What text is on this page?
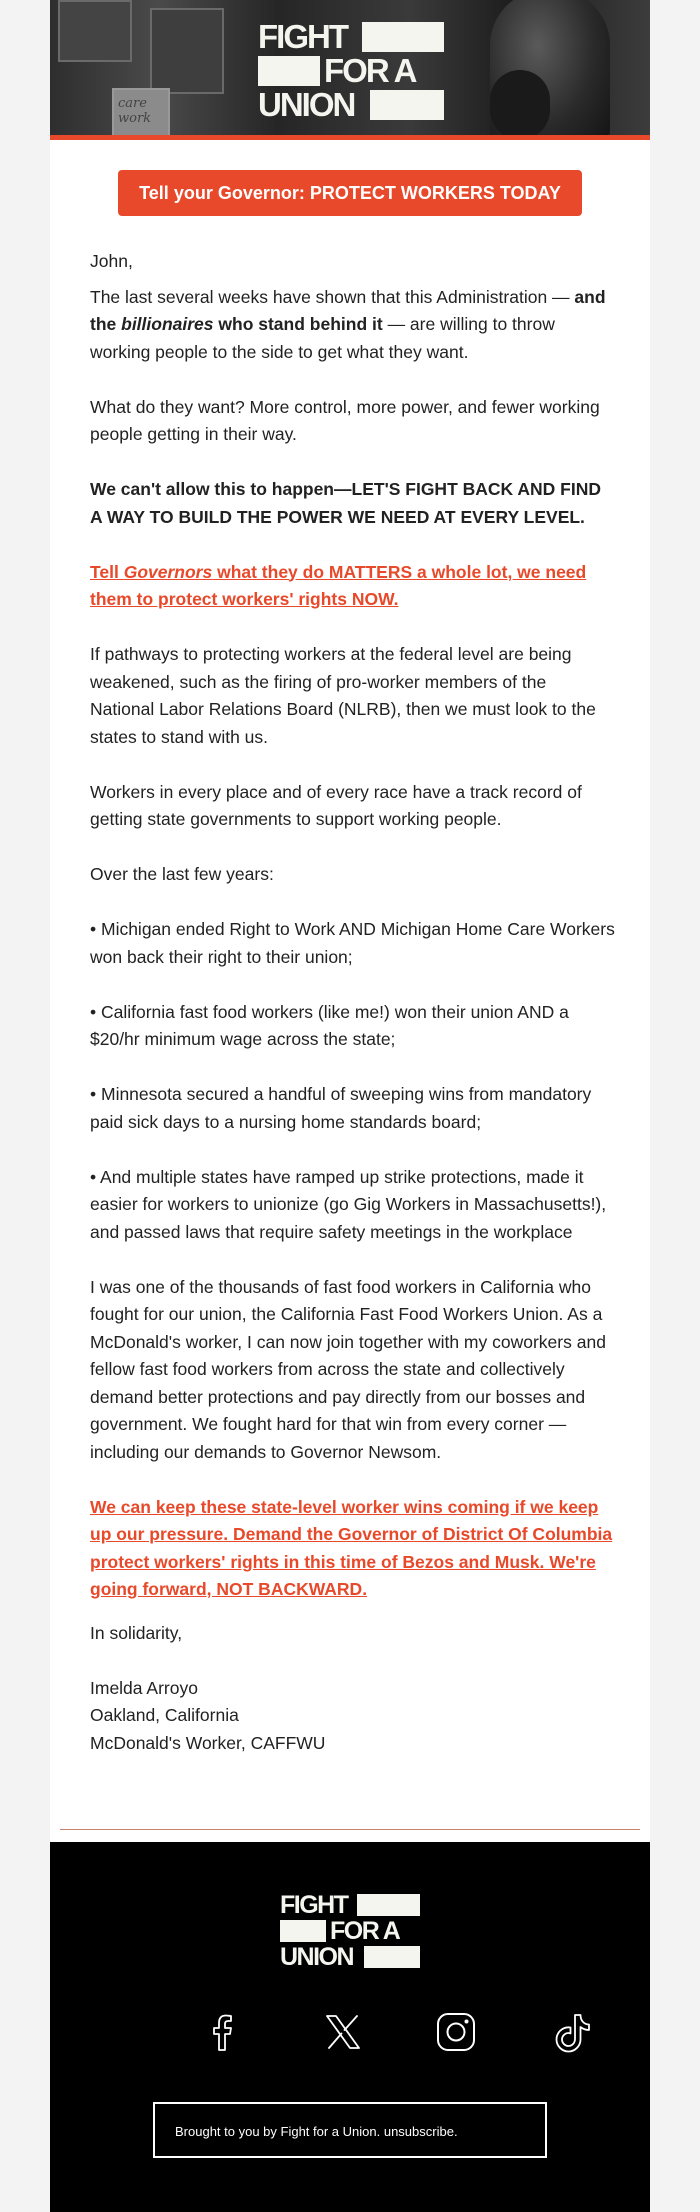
care work
FIGHT
FOR A
UNION
Tell your Governor: PROTECT WORKERS TODAY

John,

The last several weeks have shown that this Administration — and the billionaires who stand behind it — are willing to throw working people to the side to get what they want.

What do they want? More control, more power, and fewer working people getting in their way.

We can't allow this to happen—LET'S FIGHT BACK AND FIND A WAY TO BUILD THE POWER WE NEED AT EVERY LEVEL.

Tell Governors what they do MATTERS a whole lot, we need them to protect workers' rights NOW.

If pathways to protecting workers at the federal level are being weakened, such as the firing of pro-worker members of the National Labor Relations Board (NLRB), then we must look to the states to stand with us.

Workers in every place and of every race have a track record of getting state governments to support working people.

Over the last few years:

• Michigan ended Right to Work AND Michigan Home Care Workers won back their right to their union;

• California fast food workers (like me!) won their union AND a $20/hr minimum wage across the state;

• Minnesota secured a handful of sweeping wins from mandatory paid sick days to a nursing home standards board;

• And multiple states have ramped up strike protections, made it easier for workers to unionize (go Gig Workers in Massachusetts!), and passed laws that require safety meetings in the workplace

I was one of the thousands of fast food workers in California who fought for our union, the California Fast Food Workers Union. As a McDonald's worker, I can now join together with my coworkers and fellow fast food workers from across the state and collectively demand better protections and pay directly from our bosses and government. We fought hard for that win from every corner — including our demands to Governor Newsom.

We can keep these state-level worker wins coming if we keep up our pressure. Demand the Governor of District Of Columbia protect workers' rights in this time of Bezos and Musk. We're going forward, NOT BACKWARD.

In solidarity,

Imelda Arroyo

Oakland, California

McDonald's Worker, CAFFWU

FIGHT
FOR A
UNION
Brought to you by Fight for a Union. unsubscribe.
